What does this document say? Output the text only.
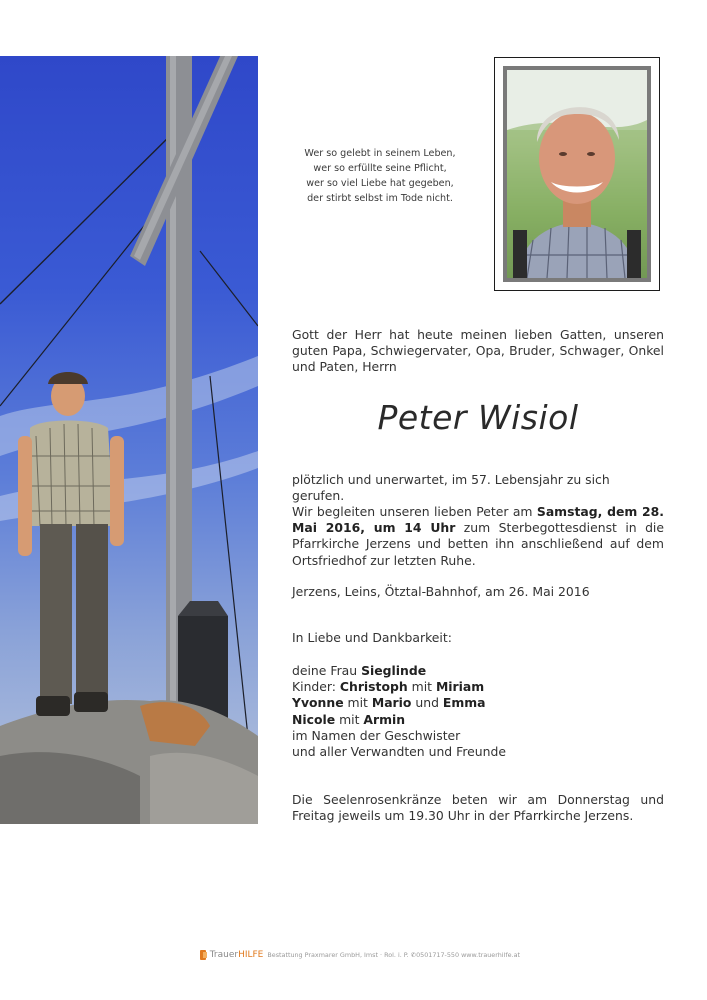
Wer so gelebt in seinem Leben,
wer so erfüllte seine Pflicht,
wer so viel Liebe hat gegeben,
der stirbt selbst im Tode nicht.
Gott der Herr hat heute meinen lieben Gatten, unseren guten Papa, Schwiegervater, Opa, Bruder, Schwager, Onkel und Paten, Herrn
Peter Wisiol
plötzlich und unerwartet, im 57. Lebensjahr zu sich gerufen.
Wir begleiten unseren lieben Peter am Samstag, dem 28. Mai 2016, um 14 Uhr zum Sterbegottesdienst in die Pfarrkirche Jerzens und betten ihn anschließend auf dem Ortsfriedhof zur letzten Ruhe.
Jerzens, Leins, Ötztal-Bahnhof, am 26. Mai 2016
In Liebe und Dankbarkeit:
deine Frau Sieglinde
Kinder: Christoph mit Miriam
Yvonne mit Mario und Emma
Nicole mit Armin
im Namen der Geschwister
und aller Verwandten und Freunde
Die Seelenrosenkränze beten wir am Donnerstag und Freitag jeweils um 19.30 Uhr in der Pfarrkirche Jerzens.
TrauerHILFE Bestattung Praxmarer GmbH, Imst · Rol. i. P. ✆0501717-550 www.trauerhilfe.at
